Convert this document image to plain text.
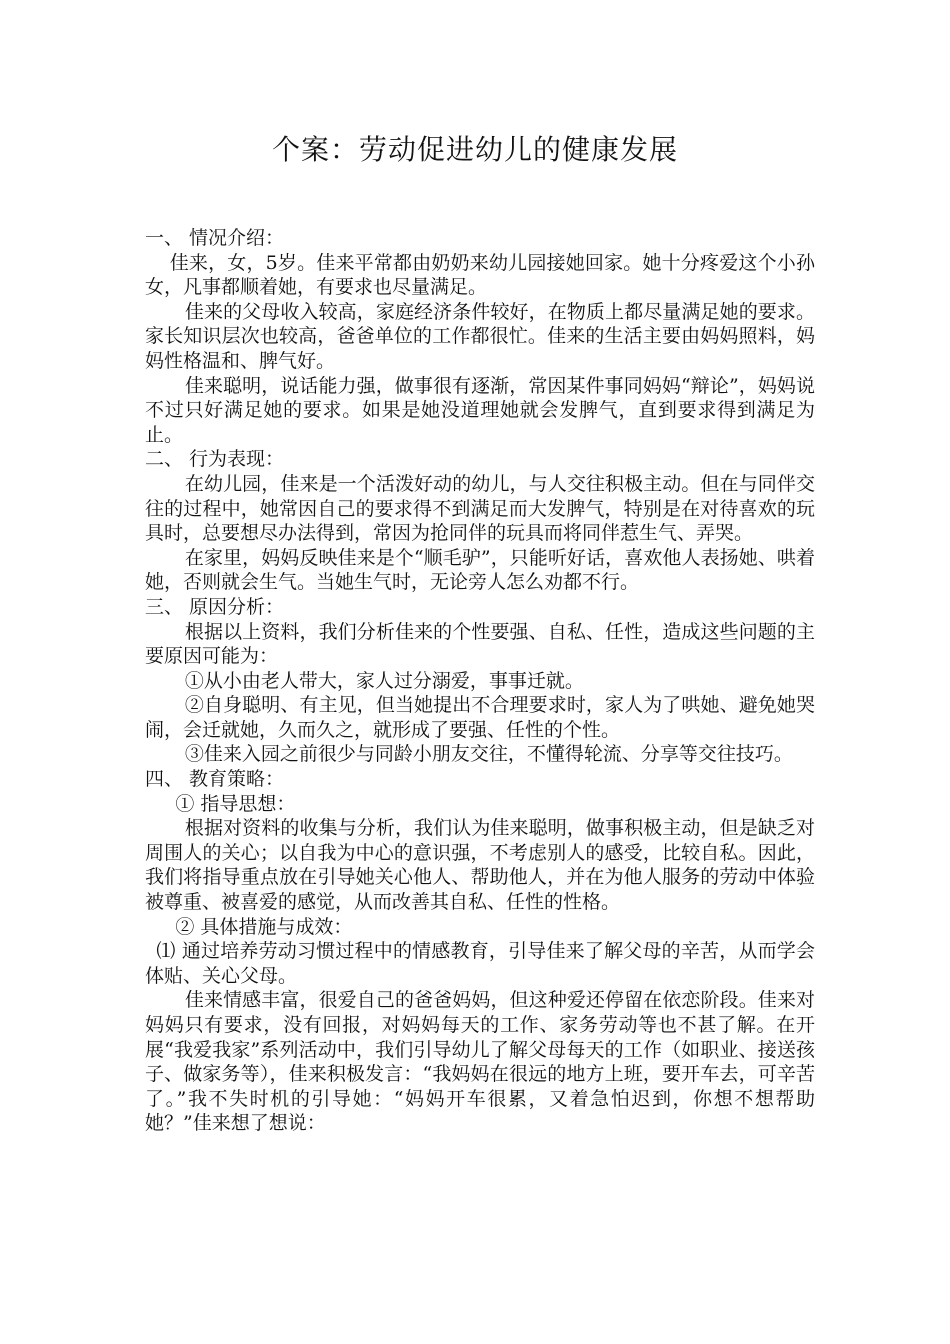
个案：劳动促进幼儿的健康发展

一、 情况介绍：

佳来，女，5岁。佳来平常都由奶奶来幼儿园接她回家。她十分疼爱这个小孙女，凡事都顺着她，有要求也尽量满足。

佳来的父母收入较高，家庭经济条件较好，在物质上都尽量满足她的要求。家长知识层次也较高，爸爸单位的工作都很忙。佳来的生活主要由妈妈照料，妈妈性格温和、脾气好。

佳来聪明，说话能力强，做事很有逐渐，常因某件事同妈妈“辩论”，妈妈说不过只好满足她的要求。如果是她没道理她就会发脾气，直到要求得到满足为止。

二、 行为表现：

在幼儿园，佳来是一个活泼好动的幼儿，与人交往积极主动。但在与同伴交往的过程中，她常因自己的要求得不到满足而大发脾气，特别是在对待喜欢的玩具时，总要想尽办法得到，常因为抢同伴的玩具而将同伴惹生气、弄哭。

在家里，妈妈反映佳来是个“顺毛驴”，只能听好话，喜欢他人表扬她、哄着她，否则就会生气。当她生气时，无论旁人怎么劝都不行。

三、 原因分析：

根据以上资料，我们分析佳来的个性要强、自私、任性，造成这些问题的主要原因可能为：

①从小由老人带大，家人过分溺爱，事事迁就。

②自身聪明、有主见，但当她提出不合理要求时，家人为了哄她、避免她哭闹，会迁就她，久而久之，就形成了要强、任性的个性。

③佳来入园之前很少与同龄小朋友交往，不懂得轮流、分享等交往技巧。

四、 教育策略：

① 指导思想：

根据对资料的收集与分析，我们认为佳来聪明，做事积极主动，但是缺乏对周围人的关心；以自我为中心的意识强，不考虑别人的感受，比较自私。因此，我们将指导重点放在引导她关心他人、帮助他人，并在为他人服务的劳动中体验被尊重、被喜爱的感觉，从而改善其自私、任性的性格。

② 具体措施与成效：

⑴ 通过培养劳动习惯过程中的情感教育，引导佳来了解父母的辛苦，从而学会体贴、关心父母。

佳来情感丰富，很爱自己的爸爸妈妈，但这种爱还停留在依恋阶段。佳来对妈妈只有要求，没有回报，对妈妈每天的工作、家务劳动等也不甚了解。在开展“我爱我家”系列活动中，我们引导幼儿了解父母每天的工作（如职业、接送孩子、做家务等），佳来积极发言：“我妈妈在很远的地方上班，要开车去，可辛苦了。”我不失时机的引导她：“妈妈开车很累，又着急怕迟到，你想不想帮助她？”佳来想了想说：
